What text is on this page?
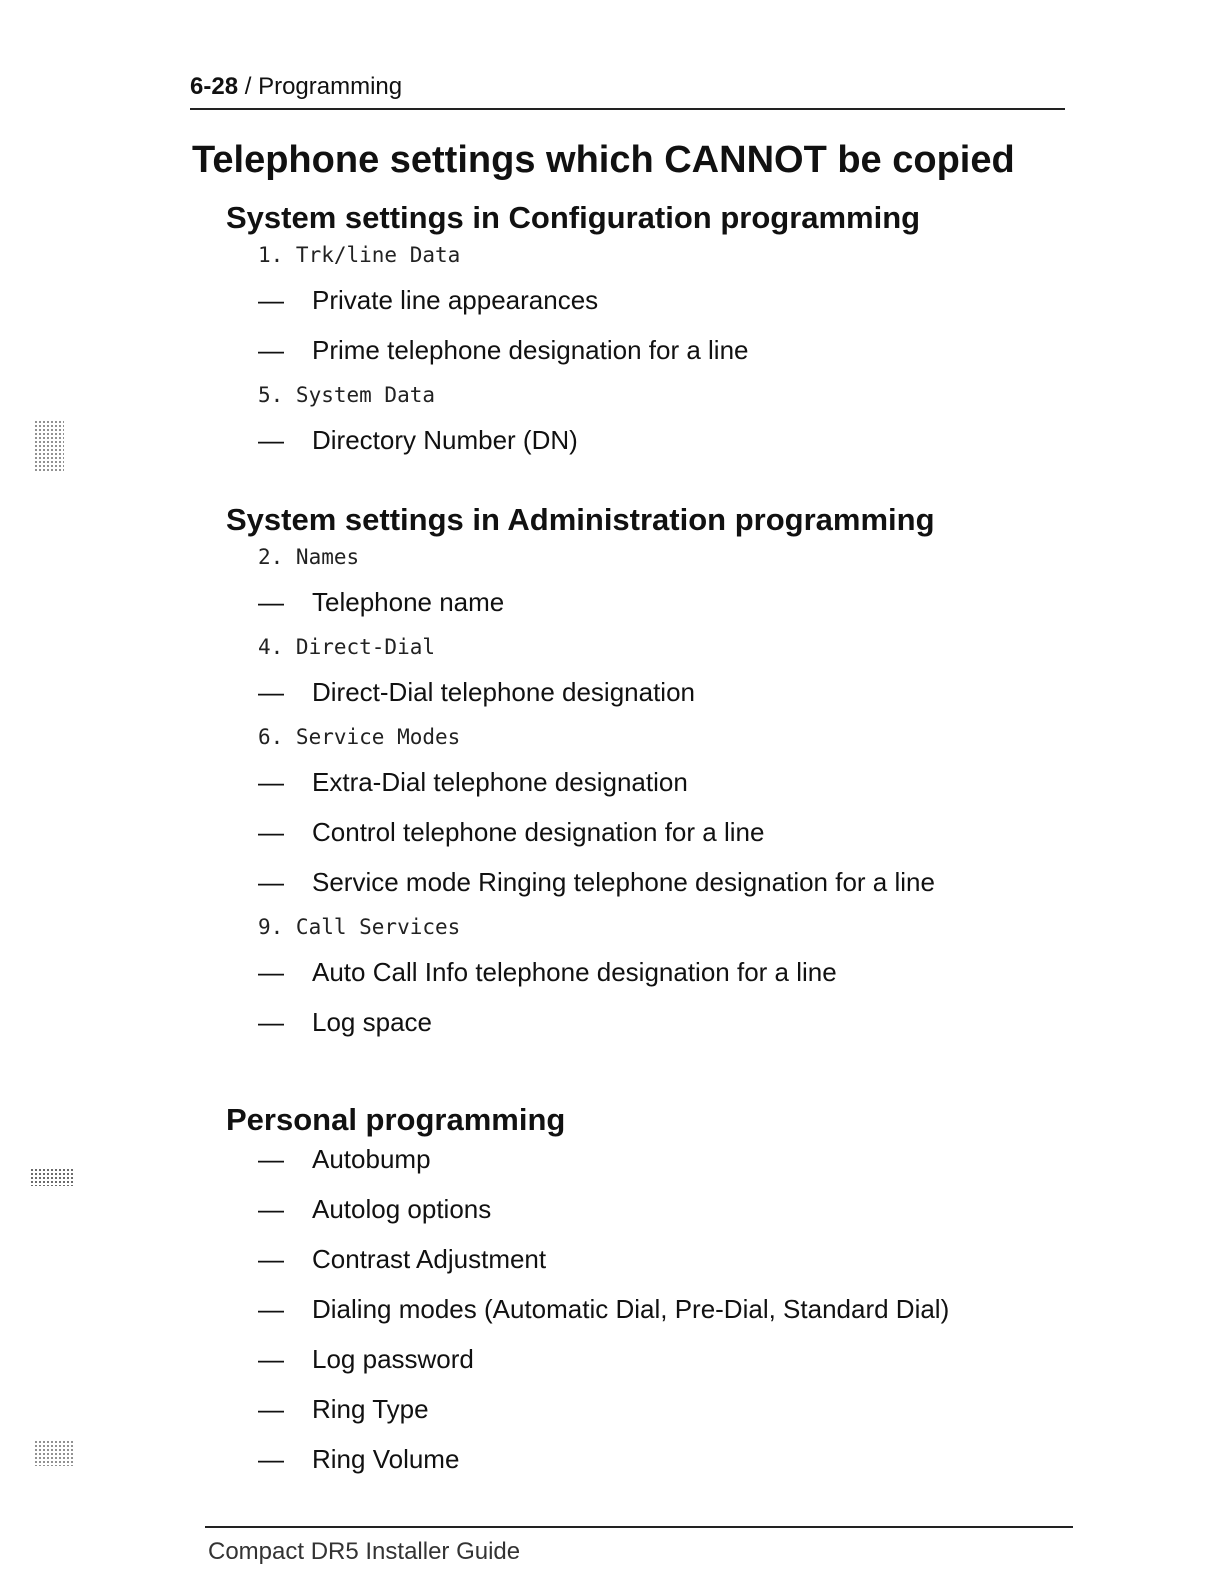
6-28 / Programming
Telephone settings which CANNOT be copied
System settings in Configuration programming
1. Trk/line Data
—	Private line appearances
—	Prime telephone designation for a line
5. System Data
—	Directory Number (DN)
System settings in Administration programming
2. Names
—	Telephone name
4. Direct-Dial
—	Direct-Dial telephone designation
6. Service Modes
—	Extra-Dial telephone designation
—	Control telephone designation for a line
—	Service mode Ringing telephone designation for a line
9. Call Services
—	Auto Call Info telephone designation for a line
—	Log space
Personal programming
—	Autobump
—	Autolog options
—	Contrast Adjustment
—	Dialing modes (Automatic Dial, Pre-Dial, Standard Dial)
—	Log password
—	Ring Type
—	Ring Volume
Compact DR5 Installer Guide
